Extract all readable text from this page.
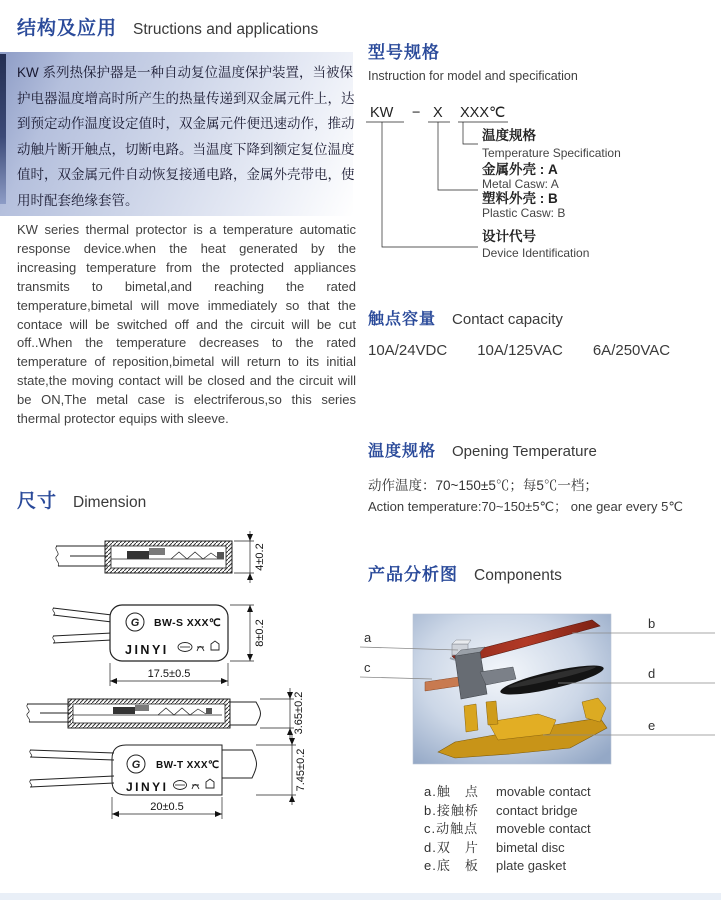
结构及应用 Structions and applications
KW 系列热保护器是一种自动复位温度保护装置，当被保
护电器温度增高时所产生的热量传递到双金属元件上，达
到预定动作温度设定值时，双金属元件便迅速动作，推动
动触片断开触点，切断电路。当温度下降到额定复位温度
值时，双金属元件自动恢复接通电路，金属外壳带电，使
用时配套绝缘套管。
KW series thermal protector is a temperature automatic response device.when the heat generated by the increasing temperature from the protected appliances transmits to bimetal,and reaching the rated temperature,bimetal will move immediately so that the contace will be switched off and the circuit will be cut off..When the temperature decreases to the rated temperature of reposition,bimetal will return to its initial state,the moving contact will be closed and the circuit will be ON,The metal case is electriferous,so this series thermal protector equips with sleeve.
尺寸 Dimension
4±0.2
G BW-S XXX℃
JINYI
8±0.2
17.5±0.5
3.65±0.2
G BW-T XXX℃
JINYI	7.45±0.2
20±0.5
型号规格
Instruction for model and specification
KW − X XXX℃
温度规格
Temperature Specification
金属外壳 : A
Metal Casw: A
塑料外壳 : B
Plastic Casw: B
设计代号
Device Identification
触点容量 Contact capacity
10A/24VDC 10A/125VAC 6A/250VAC
温度规格 Opening Temperature
动作温度：70~150±5℃；每5℃一档；
Action temperature:70~150±5℃； one gear every 5℃
产品分析图 Components
a
b
c	d
e
a.触　点 movable contact
b.接触桥 contact bridge
c.动触点 moveble contact
d.双　片 bimetal disc
e.底　板 plate gasket
